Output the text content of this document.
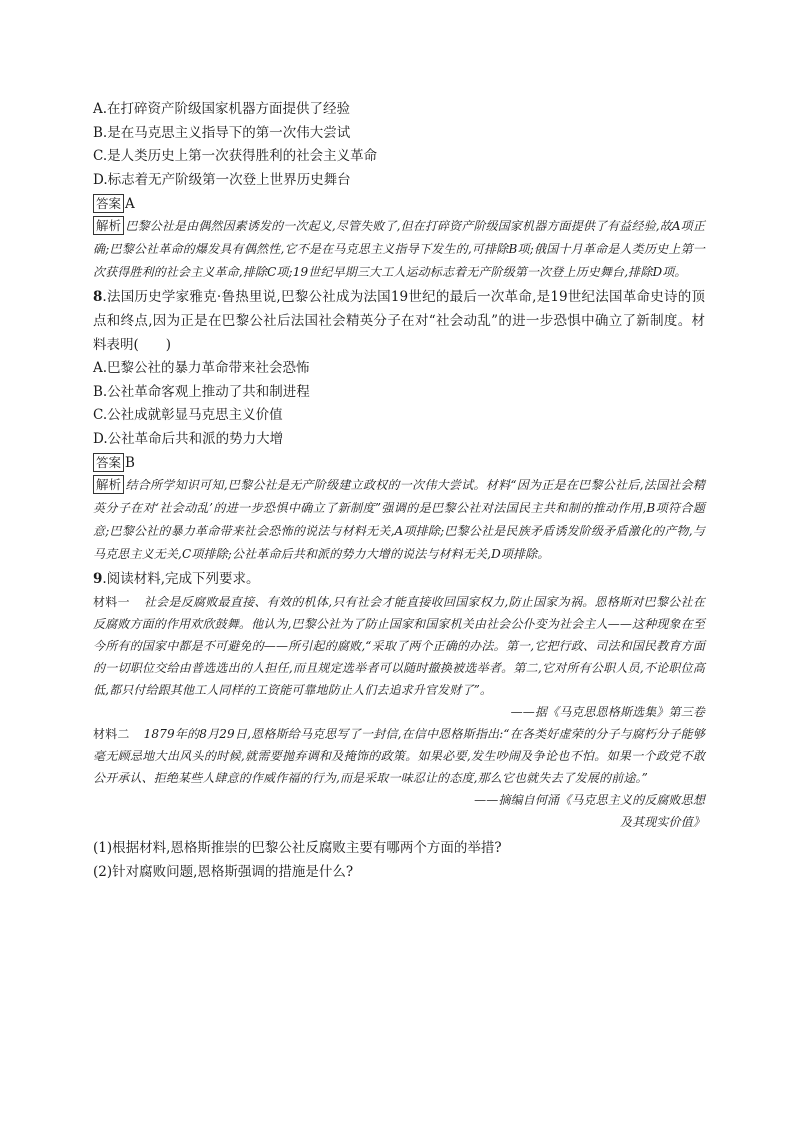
A.在打碎资产阶级国家机器方面提供了经验
B.是在马克思主义指导下的第一次伟大尝试
C.是人类历史上第一次获得胜利的社会主义革命
D.标志着无产阶级第一次登上世界历史舞台
答案 A
解析 巴黎公社是由偶然因素诱发的一次起义,尽管失败了,但在打碎资产阶级国家机器方面提供了有益经验,故A项正确;巴黎公社革命的爆发具有偶然性,它不是在马克思主义指导下发生的,可排除B项;俄国十月革命是人类历史上第一次获得胜利的社会主义革命,排除C项;19世纪早期三大工人运动标志着无产阶级第一次登上历史舞台,排除D项。
8.法国历史学家雅克·鲁热里说,巴黎公社成为法国19世纪的最后一次革命,是19世纪法国革命史诗的顶点和终点,因为正是在巴黎公社后法国社会精英分子在对“社会动乱”的进一步恐惧中确立了新制度。材料表明(　　)
A.巴黎公社的暴力革命带来社会恐怖
B.公社革命客观上推动了共和制进程
C.公社成就彰显马克思主义价值
D.公社革命后共和派的势力大增
答案 B
解析 结合所学知识可知,巴黎公社是无产阶级建立政权的一次伟大尝试。材料“因为正是在巴黎公社后,法国社会精英分子在对‘社会动乱’的进一步恐惧中确立了新制度”强调的是巴黎公社对法国民主共和制的推动作用,B项符合题意;巴黎公社的暴力革命带来社会恐怖的说法与材料无关,A项排除;巴黎公社是民族矛盾诱发阶级矛盾激化的产物,与马克思主义无关,C项排除;公社革命后共和派的势力大增的说法与材料无关,D项排除。
9.阅读材料,完成下列要求。
材料一 社会是反腐败最直接、有效的机体,只有社会才能直接收回国家权力,防止国家为祸。恩格斯对巴黎公社在反腐败方面的作用欢欣鼓舞。他认为,巴黎公社为了防止国家和国家机关由社会公仆变为社会主人——这种现象在至今所有的国家中都是不可避免的——所引起的腐败,“采取了两个正确的办法。第一,它把行政、司法和国民教育方面的一切职位交给由普选选出的人担任,而且规定选举者可以随时撤换被选举者。第二,它对所有公职人员,不论职位高低,都只付给跟其他工人同样的工资能可靠地防止人们去追求升官发财了”。
——据《马克思恩格斯选集》第三卷
材料二 1879年的8月29日,恩格斯给马克思写了一封信,在信中恩格斯指出:“在各类好虚荣的分子与腐朽分子能够毫无顾忌地大出风头的时候,就需要抛弃调和及掩饰的政策。如果必要,发生吵闹及争论也不怕。如果一个政党不敢公开承认、拒绝某些人肆意的作威作福的行为,而是采取一味忍让的态度,那么它也就失去了发展的前途。”
——摘编自何涌《马克思主义的反腐败思想
及其现实价值》
(1)根据材料,恩格斯推崇的巴黎公社反腐败主要有哪两个方面的举措?
(2)针对腐败问题,恩格斯强调的措施是什么?
